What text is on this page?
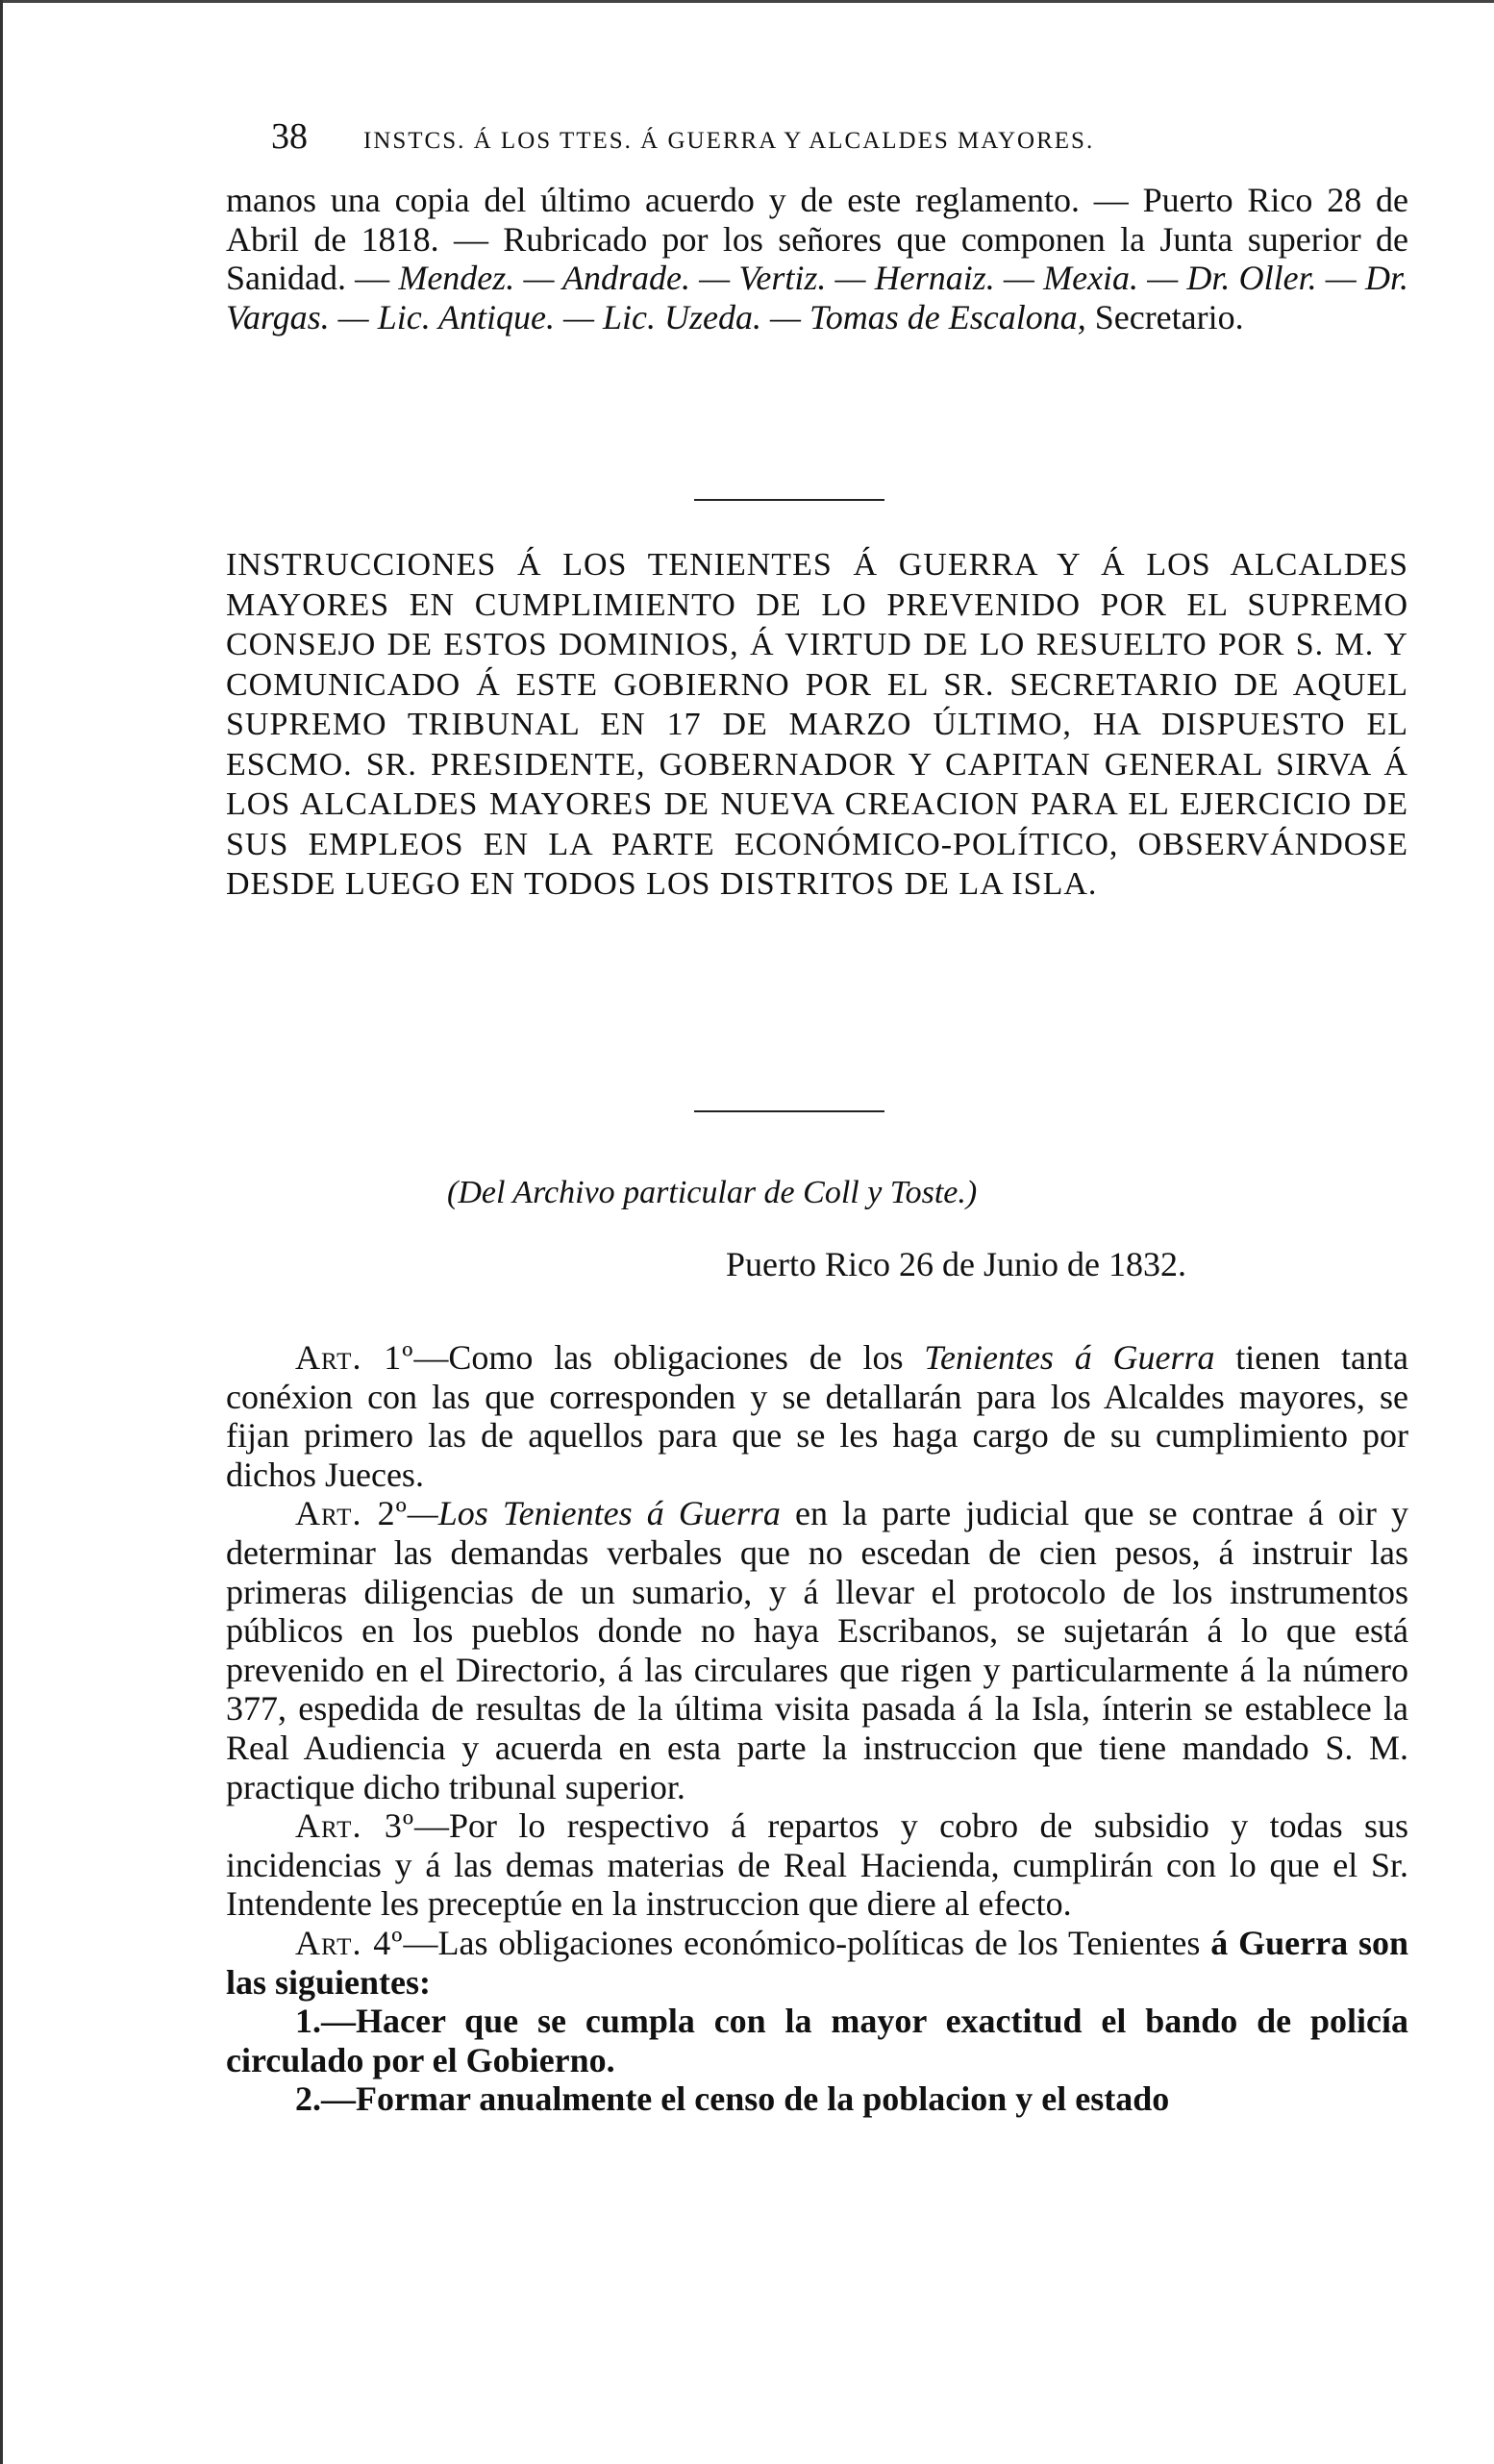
38 INSTCS. Á LOS TTES. Á GUERRA Y ALCALDES MAYORES.
manos una copia del último acuerdo y de este reglamento. — Puerto Rico 28 de Abril de 1818. — Rubricado por los señores que componen la Junta superior de Sanidad. — Mendez. — Andrade. — Vertiz. — Hernaiz. — Mexia. — Dr. Oller. — Dr. Vargas. — Lic. Antique. — Lic. Uzeda. — Tomas de Escalona, Secretario.
INSTRUCCIONES Á LOS TENIENTES Á GUERRA Y Á LOS ALCALDES MAYORES EN CUMPLIMIENTO DE LO PREVENIDO POR EL SUPREMO CONSEJO DE ESTOS DOMINIOS, Á VIRTUD DE LO RESUELTO POR S. M. Y COMUNICADO Á ESTE GOBIERNO POR EL SR. SECRETARIO DE AQUEL SUPREMO TRIBUNAL EN 17 DE MARZO ÚLTIMO, HA DISPUESTO EL ESCMO. SR. PRESIDENTE, GOBERNADOR Y CAPITAN GENERAL SIRVA Á LOS ALCALDES MAYORES DE NUEVA CREACION PARA EL EJERCICIO DE SUS EMPLEOS EN LA PARTE ECONÓMICO-POLÍTICO, OBSERVÁNDOSE DESDE LUEGO EN TODOS LOS DISTRITOS DE LA ISLA.
(Del Archivo particular de Coll y Toste.)
Puerto Rico 26 de Junio de 1832.

Art. 1º—Como las obligaciones de los Tenientes á Guerra tienen tanta conéxion con las que corresponden y se detallarán para los Alcaldes mayores, se fijan primero las de aquellos para que se les haga cargo de su cumplimiento por dichos Jueces.

Art. 2º—Los Tenientes á Guerra en la parte judicial que se contrae á oir y determinar las demandas verbales que no escedan de cien pesos, á instruir las primeras diligencias de un sumario, y á llevar el protocolo de los instrumentos públicos en los pueblos donde no haya Escribanos, se sujetarán á lo que está prevenido en el Directorio, á las circulares que rigen y particularmente á la número 377, espedida de resultas de la última visita pasada á la Isla, ínterin se establece la Real Audiencia y acuerda en esta parte la instruccion que tiene mandado S. M. practique dicho tribunal superior.

Art. 3º—Por lo respectivo á repartos y cobro de subsidio y todas sus incidencias y á las demas materias de Real Hacienda, cumplirán con lo que el Sr. Intendente les preceptúe en la instruccion que diere al efecto.

Art. 4º—Las obligaciones económico-políticas de los Tenientes á Guerra son las siguientes:

1.—Hacer que se cumpla con la mayor exactitud el bando de policía circulado por el Gobierno.

2.—Formar anualmente el censo de la poblacion y el estado
